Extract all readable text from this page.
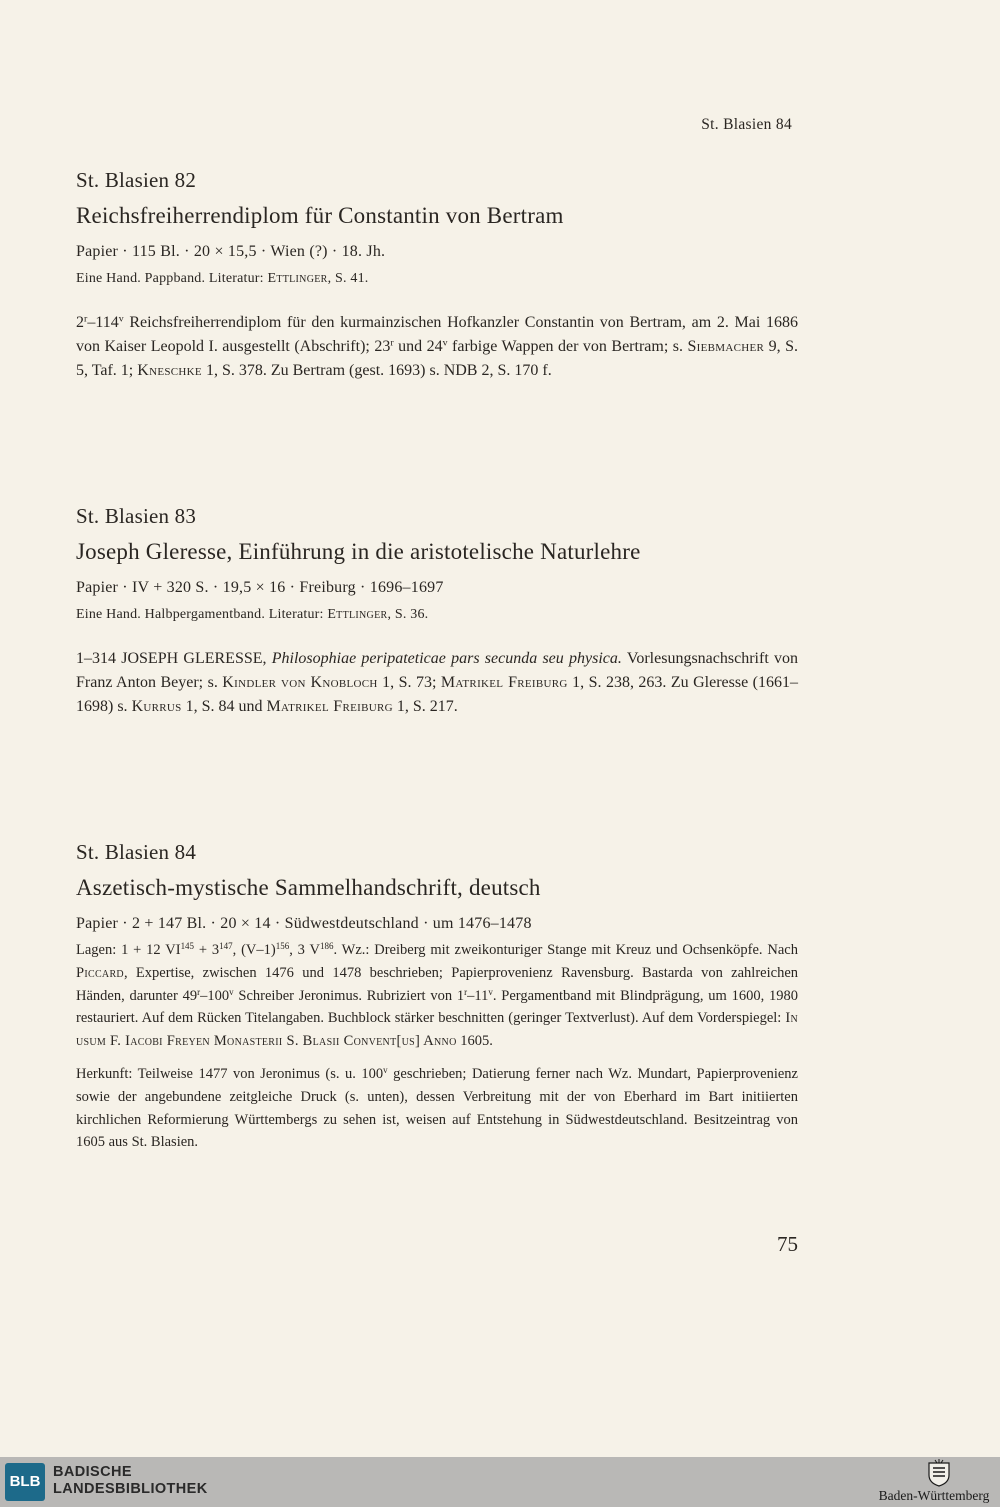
St. Blasien 84

St. Blasien 82

Reichsfreiherrendiplom für Constantin von Bertram

Papier · 115 Bl. · 20 × 15,5 · Wien (?) · 18. Jh.

Eine Hand. Pappband. Literatur: Ettlinger, S. 41.

2$^r$–114$^v$ Reichsfreiherrendiplom für den kurmainzischen Hofkanzler Constantin von Bertram, am 2. Mai 1686 von Kaiser Leopold I. ausgestellt (Abschrift); 23$^r$ und 24$^v$ farbige Wappen der von Bertram; s. Siebmacher 9, S. 5, Taf. 1; Kneschke 1, S. 378. Zu Bertram (gest. 1693) s. NDB 2, S. 170 f.

St. Blasien 83

Joseph Gleresse, Einführung in die aristotelische Naturlehre

Papier · IV + 320 S. · 19,5 × 16 · Freiburg · 1696–1697

Eine Hand. Halbpergamentband. Literatur: Ettlinger, S. 36.

1–314 JOSEPH GLERESSE, Philosophiae peripateticae pars secunda seu physica. Vorlesungsnachschrift von Franz Anton Beyer; s. Kindler von Knobloch 1, S. 73; Matrikel Freiburg 1, S. 238, 263. Zu Gleresse (1661–1698) s. Kurrus 1, S. 84 und Matrikel Freiburg 1, S. 217.

St. Blasien 84

Aszetisch-mystische Sammelhandschrift, deutsch

Papier · 2 + 147 Bl. · 20 × 14 · Südwestdeutschland · um 1476–1478

Lagen: 1 + 12 $VI^{145} + 3^{147}$, $(V-1)^{156}$, 3 $V^{186}$. Wz.: Dreiberg mit zweikonturiger Stange mit Kreuz und Ochsenköpfe. Nach Piccard, Expertise, zwischen 1476 und 1478 beschrieben; Papierprovenienz Ravensburg. Bastarda von zahlreichen Händen, darunter 49$^r$–100$^v$ Schreiber Jeronimus. Rubriziert von 1$^r$–11$^v$. Pergamentband mit Blindprägung, um 1600, 1980 restauriert. Auf dem Rücken Titelangaben. Buchblock stärker beschnitten (geringer Textverlust). Auf dem Vorderspiegel: In usum F. Iacobi Freyen Monasterii S. Blasii Convent[us] Anno 1605.

Herkunft: Teilweise 1477 von Jeronimus (s. u. 100$^v$ geschrieben; Datierung ferner nach Wz. Mundart, Papierprovenienz sowie der angebundene zeitgleiche Druck (s. unten), dessen Verbreitung mit der von Eberhard im Bart initiierten kirchlichen Reformierung Württembergs zu sehen ist, weisen auf Entstehung in Südwestdeutschland. Besitzeintrag von 1605 aus St. Blasien.

75
BLB
BADISCHE
LANDESBIBLIOTHEK	Baden-Württemberg
